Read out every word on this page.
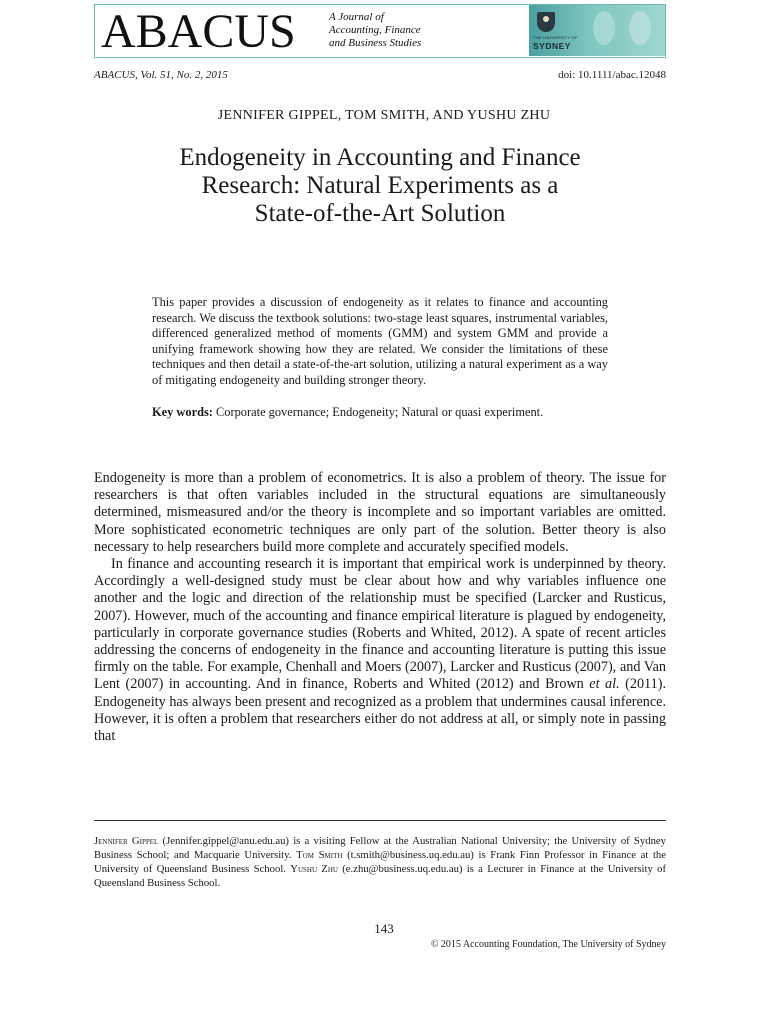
ABACUS	A Journal of
Accounting, Finance
and Business Studies	THE UNIVERSITY OF
SYDNEY
ABACUS, Vol. 51, No. 2, 2015	doi: 10.1111/abac.12048
JENNIFER GIPPEL, TOM SMITH, AND YUSHU ZHU
Endogeneity in Accounting and Finance
Research: Natural Experiments as a
State-of-the-Art Solution

This paper provides a discussion of endogeneity as it relates to finance and accounting research. We discuss the textbook solutions: two-stage least squares, instrumental variables, differenced generalized method of moments (GMM) and system GMM and provide a unifying framework showing how they are related. We consider the limitations of these techniques and then detail a state-of-the-art solution, utilizing a natural experiment as a way of mitigating endogeneity and building stronger theory.

Key words: Corporate governance; Endogeneity; Natural or quasi experiment.

Endogeneity is more than a problem of econometrics. It is also a problem of theory. The issue for researchers is that often variables included in the structural equations are simultaneously determined, mismeasured and/or the theory is incomplete and so important variables are omitted. More sophisticated econometric techniques are only part of the solution. Better theory is also necessary to help researchers build more complete and accurately specified models.

In finance and accounting research it is important that empirical work is underpinned by theory. Accordingly a well-designed study must be clear about how and why variables influence one another and the logic and direction of the relationship must be specified (Larcker and Rusticus, 2007). However, much of the accounting and finance empirical literature is plagued by endogeneity, particularly in corporate governance studies (Roberts and Whited, 2012). A spate of recent articles addressing the concerns of endogeneity in the finance and accounting literature is putting this issue firmly on the table. For example, Chenhall and Moers (2007), Larcker and Rusticus (2007), and Van Lent (2007) in accounting. And in finance, Roberts and Whited (2012) and Brown et al. (2011). Endogeneity has always been present and recognized as a problem that undermines causal inference. However, it is often a problem that researchers either do not address at all, or simply note in passing that

Jennifer Gippel (Jennifer.gippel@anu.edu.au) is a visiting Fellow at the Australian National University; the University of Sydney Business School; and Macquarie University. Tom Smith (t.smith@business.uq.edu.au) is Frank Finn Professor in Finance at the University of Queensland Business School. Yushu Zhu (e.zhu@business.uq.edu.au) is a Lecturer in Finance at the University of Queensland Business School.

143
© 2015 Accounting Foundation, The University of Sydney
